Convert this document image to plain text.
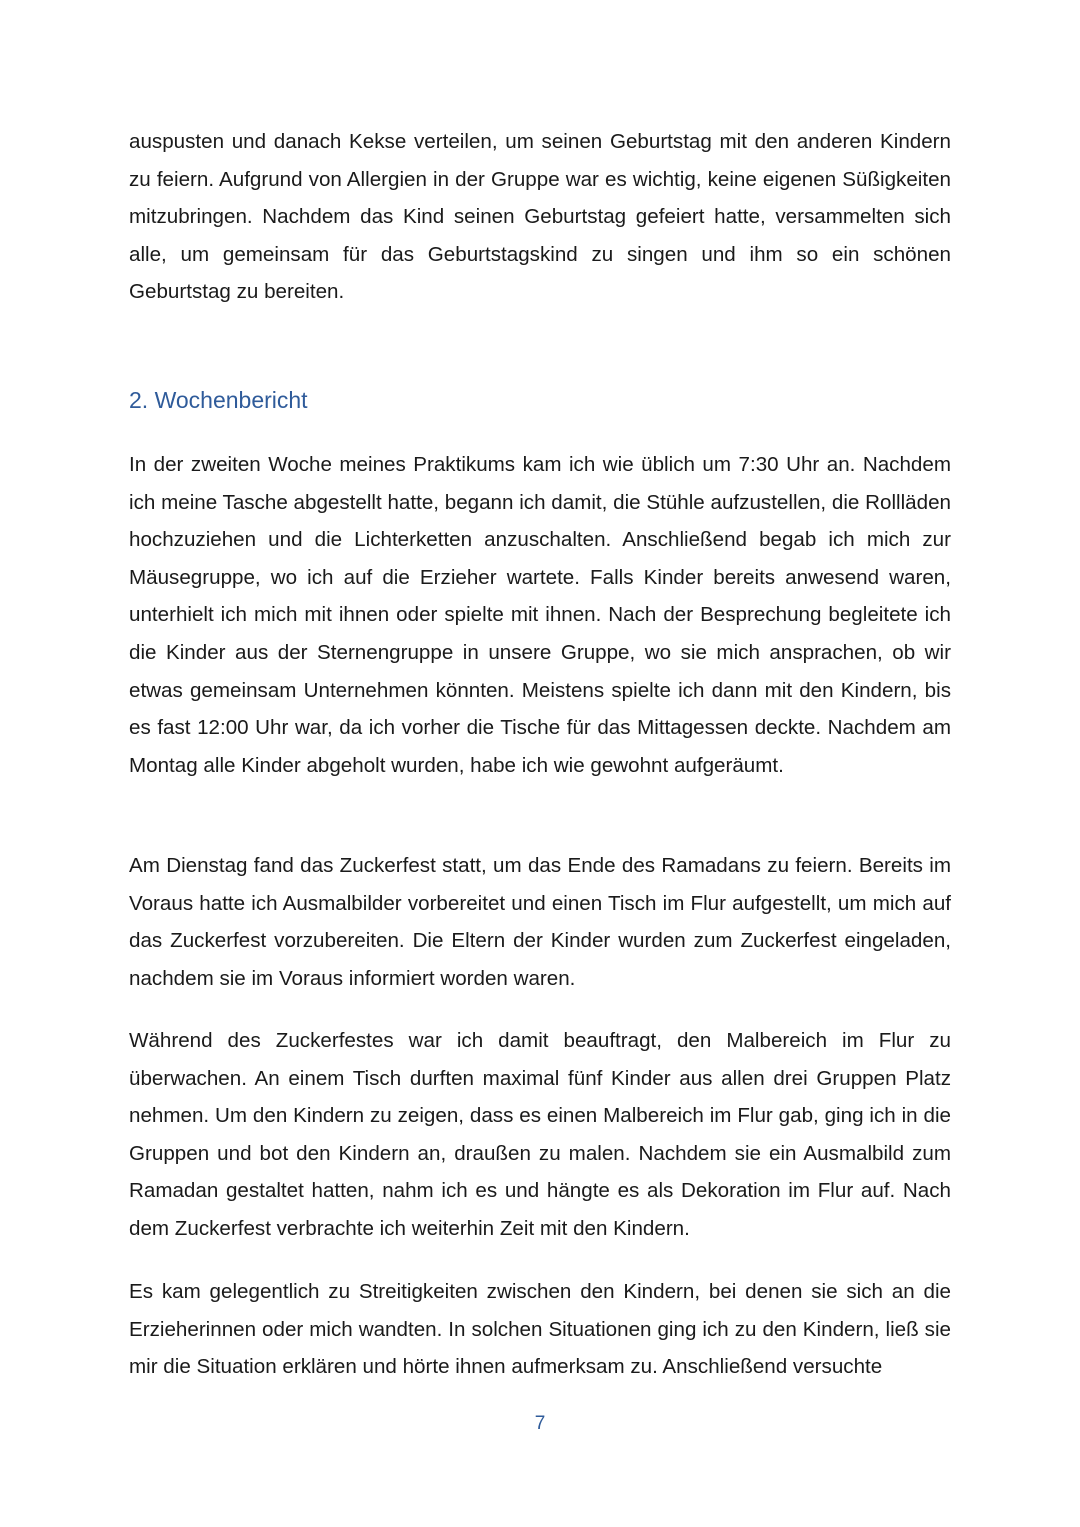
auspusten und danach Kekse verteilen, um seinen Geburtstag mit den anderen Kindern zu feiern. Aufgrund von Allergien in der Gruppe war es wichtig, keine eigenen Süßigkeiten mitzubringen. Nachdem das Kind seinen Geburtstag gefeiert hatte, versammelten sich alle, um gemeinsam für das Geburtstagskind zu singen und ihm so ein schönen Geburtstag zu bereiten.

2. Wochenbericht

In der zweiten Woche meines Praktikums kam ich wie üblich um 7:30 Uhr an. Nachdem ich meine Tasche abgestellt hatte, begann ich damit, die Stühle aufzustellen, die Rollläden hochzuziehen und die Lichterketten anzuschalten. Anschließend begab ich mich zur Mäusegruppe, wo ich auf die Erzieher wartete. Falls Kinder bereits anwesend waren, unterhielt ich mich mit ihnen oder spielte mit ihnen. Nach der Besprechung begleitete ich die Kinder aus der Sternengruppe in unsere Gruppe, wo sie mich ansprachen, ob wir etwas gemeinsam Unternehmen könnten. Meistens spielte ich dann mit den Kindern, bis es fast 12:00 Uhr war, da ich vorher die Tische für das Mittagessen deckte. Nachdem am Montag alle Kinder abgeholt wurden, habe ich wie gewohnt aufgeräumt.

Am Dienstag fand das Zuckerfest statt, um das Ende des Ramadans zu feiern. Bereits im Voraus hatte ich Ausmalbilder vorbereitet und einen Tisch im Flur aufgestellt, um mich auf das Zuckerfest vorzubereiten. Die Eltern der Kinder wurden zum Zuckerfest eingeladen, nachdem sie im Voraus informiert worden waren.

Während des Zuckerfestes war ich damit beauftragt, den Malbereich im Flur zu überwachen. An einem Tisch durften maximal fünf Kinder aus allen drei Gruppen Platz nehmen. Um den Kindern zu zeigen, dass es einen Malbereich im Flur gab, ging ich in die Gruppen und bot den Kindern an, draußen zu malen. Nachdem sie ein Ausmalbild zum Ramadan gestaltet hatten, nahm ich es und hängte es als Dekoration im Flur auf. Nach dem Zuckerfest verbrachte ich weiterhin Zeit mit den Kindern.

Es kam gelegentlich zu Streitigkeiten zwischen den Kindern, bei denen sie sich an die Erzieherinnen oder mich wandten. In solchen Situationen ging ich zu den Kindern, ließ sie mir die Situation erklären und hörte ihnen aufmerksam zu. Anschließend versuchte

7
